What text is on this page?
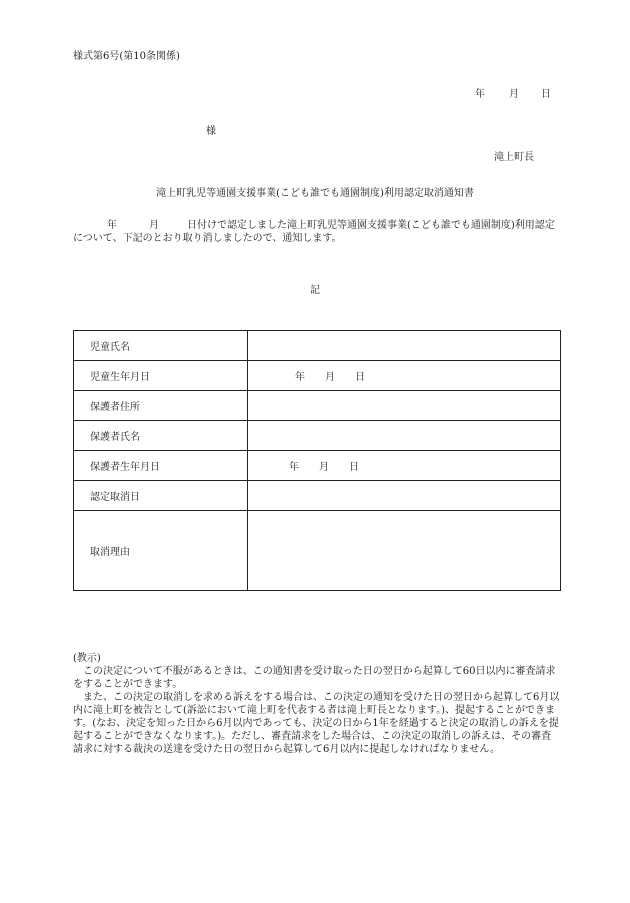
様式第6号(第10条関係)
年 月 日
様
滝上町長
滝上町乳児等通園支援事業(こども誰でも通園制度)利用認定取消通知書
年	月	日付けで認定しました滝上町乳児等通園支援事業(こども誰でも通園制度)利用認定について、下記のとおり取り消しましたので、通知します。
記
児童氏名	
児童生年月日	年 月 日

保護者住所	
保護者氏名	
保護者生年月日	年 月 日

認定取消日	
取消理由	
(教示)

この決定について不服があるときは、この通知書を受け取った日の翌日から起算して60日以内に審査請求をすることができます。

また、この決定の取消しを求める訴えをする場合は、この決定の通知を受けた日の翌日から起算して6月以内に滝上町を被告として(訴訟において滝上町を代表する者は滝上町長となります。)、提起することができます。(なお、決定を知った日から6月以内であっても、決定の日から1年を経過すると決定の取消しの訴えを提起することができなくなります。)。ただし、審査請求をした場合は、この決定の取消しの訴えは、その審査請求に対する裁決の送達を受けた日の翌日から起算して6月以内に提起しなければなりません。
